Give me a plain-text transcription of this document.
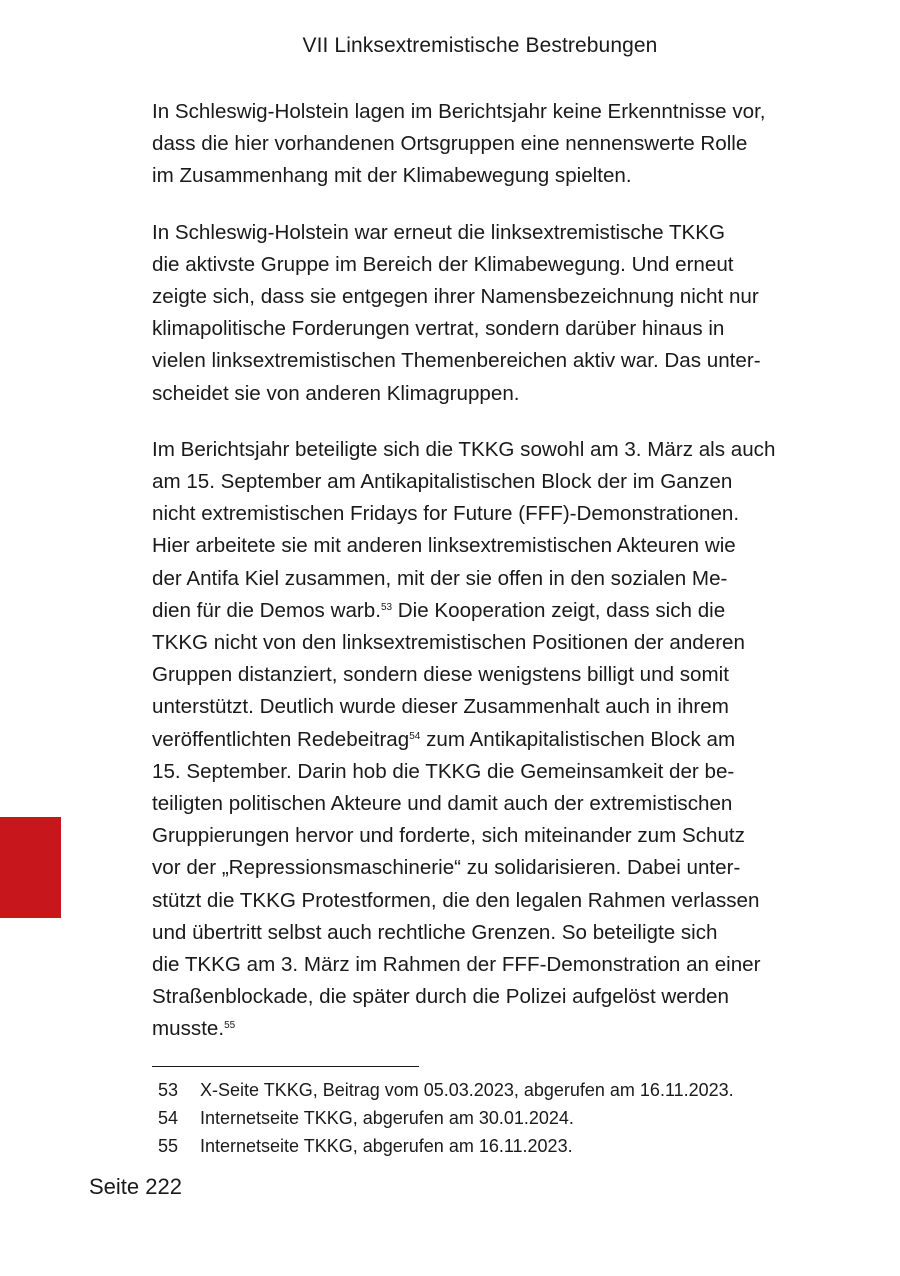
VII Linksextremistische Bestrebungen

In Schleswig-Holstein lagen im Berichtsjahr keine Erkenntnisse vor,
dass die hier vorhandenen Ortsgruppen eine nennenswerte Rolle
im Zusammenhang mit der Klimabewegung spielten.

In Schleswig-Holstein war erneut die linksextremistische TKKG
die aktivste Gruppe im Bereich der Klimabewegung. Und erneut
zeigte sich, dass sie entgegen ihrer Namensbezeichnung nicht nur
klimapolitische Forderungen vertrat, sondern darüber hinaus in
vielen linksextremistischen Themenbereichen aktiv war. Das unter-
scheidet sie von anderen Klimagruppen.

Im Berichtsjahr beteiligte sich die TKKG sowohl am 3. März als auch
am 15. September am Antikapitalistischen Block der im Ganzen
nicht extremistischen Fridays for Future (FFF)-Demonstrationen.
Hier arbeitete sie mit anderen linksextremistischen Akteuren wie
der Antifa Kiel zusammen, mit der sie offen in den sozialen Me-
dien für die Demos warb.$^{53}$ Die Kooperation zeigt, dass sich die
TKKG nicht von den linksextremistischen Positionen der anderen
Gruppen distanziert, sondern diese wenigstens billigt und somit
unterstützt. Deutlich wurde dieser Zusammenhalt auch in ihrem
veröffentlichten Redebeitrag$^{54}$ zum Antikapitalistischen Block am
15. September. Darin hob die TKKG die Gemeinsamkeit der be-
teiligten politischen Akteure und damit auch der extremistischen
Gruppierungen hervor und forderte, sich miteinander zum Schutz
vor der „Repressionsmaschinerie“ zu solidarisieren. Dabei unter-
stützt die TKKG Protestformen, die den legalen Rahmen verlassen
und übertritt selbst auch rechtliche Grenzen. So beteiligte sich
die TKKG am 3. März im Rahmen der FFF-Demonstration an einer
Straßenblockade, die später durch die Polizei aufgelöst werden
musste.$^{55}$

53	X-Seite TKKG, Beitrag vom 05.03.2023, abgerufen am 16.11.2023.
54	Internetseite TKKG, abgerufen am 30.01.2024.
55	Internetseite TKKG, abgerufen am 16.11.2023.
Seite 222
